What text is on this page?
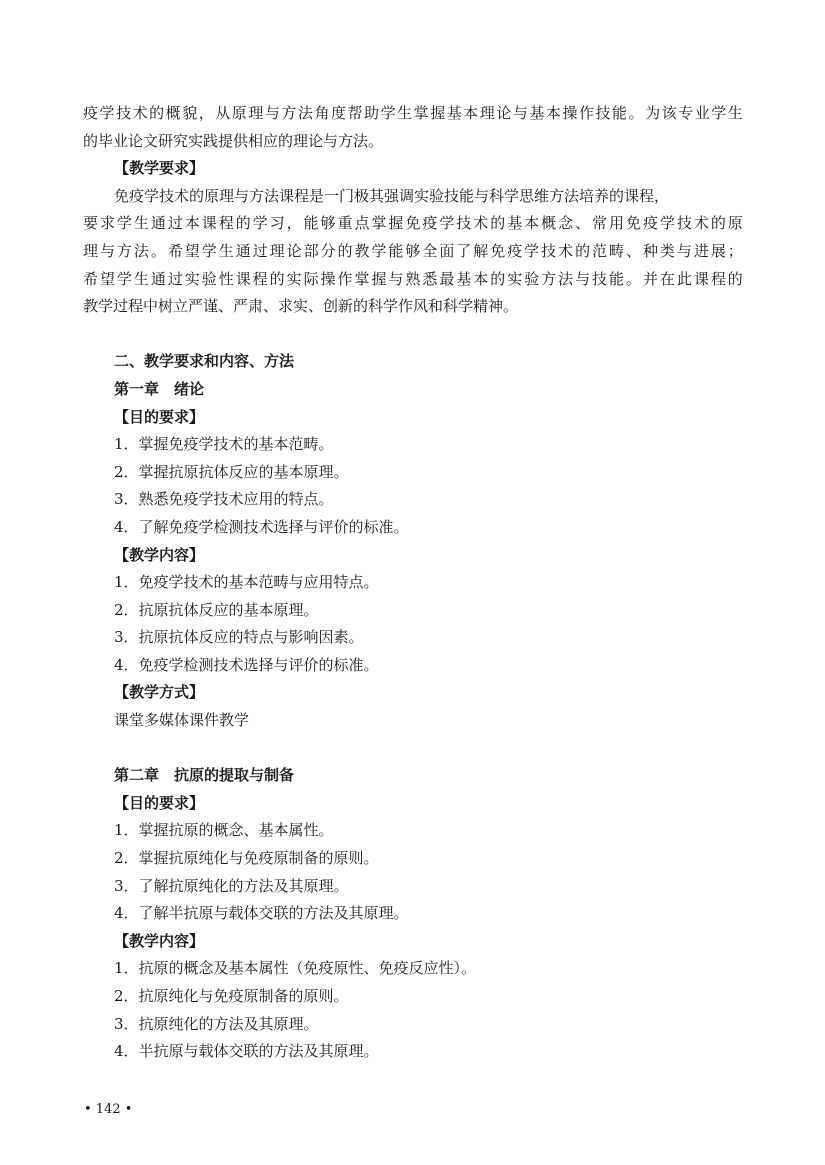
疫学技术的概貌，从原理与方法角度帮助学生掌握基本理论与基本操作技能。为该专业学生
的毕业论文研究实践提供相应的理论与方法。
【教学要求】
免疫学技术的原理与方法课程是一门极其强调实验技能与科学思维方法培养的课程，
要求学生通过本课程的学习，能够重点掌握免疫学技术的基本概念、常用免疫学技术的原
理与方法。希望学生通过理论部分的教学能够全面了解免疫学技术的范畴、种类与进展；
希望学生通过实验性课程的实际操作掌握与熟悉最基本的实验方法与技能。并在此课程的
教学过程中树立严谨、严肃、求实、创新的科学作风和科学精神。
二、教学要求和内容、方法
第一章　绪论
【目的要求】
1．掌握免疫学技术的基本范畴。
2．掌握抗原抗体反应的基本原理。
3．熟悉免疫学技术应用的特点。
4．了解免疫学检测技术选择与评价的标准。
【教学内容】
1．免疫学技术的基本范畴与应用特点。
2．抗原抗体反应的基本原理。
3．抗原抗体反应的特点与影响因素。
4．免疫学检测技术选择与评价的标准。
【教学方式】
课堂多媒体课件教学
第二章　抗原的提取与制备
【目的要求】
1．掌握抗原的概念、基本属性。
2．掌握抗原纯化与免疫原制备的原则。
3．了解抗原纯化的方法及其原理。
4．了解半抗原与载体交联的方法及其原理。
【教学内容】
1．抗原的概念及基本属性（免疫原性、免疫反应性）。
2．抗原纯化与免疫原制备的原则。
3．抗原纯化的方法及其原理。
4．半抗原与载体交联的方法及其原理。
• 142 •
